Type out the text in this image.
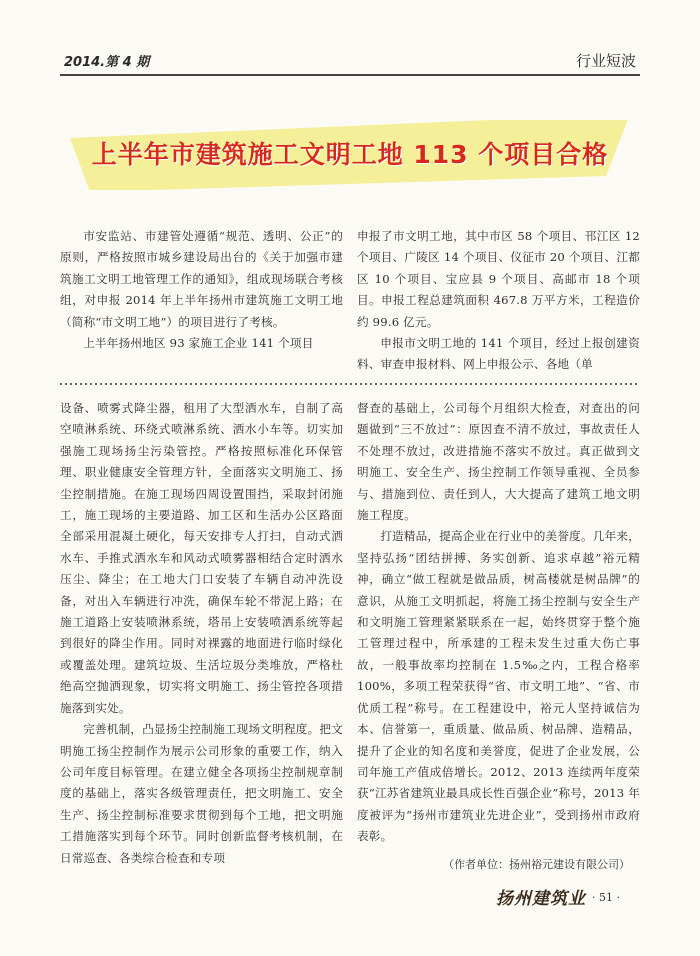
2014.第 4 期	行业短波
上半年市建筑施工文明工地 113 个项目合格

市安监站、市建管处遵循“规范、透明、公正”的原则，严格按照市城乡建设局出台的《关于加强市建筑施工文明工地管理工作的通知》，组成现场联合考核组，对申报 2014 年上半年扬州市建筑施工文明工地（简称“市文明工地”）的项目进行了考核。

上半年扬州地区 93 家施工企业 141 个项目

申报了市文明工地，其中市区 58 个项目、邗江区 12 个项目、广陵区 14 个项目、仪征市 20 个项目、江都区 10 个项目、宝应县 9 个项目、高邮市 18 个项目。申报工程总建筑面积 467.8 万平方米，工程造价约 99.6 亿元。

申报市文明工地的 141 个项目，经过上报创建资料、审查申报材料、网上申报公示、各地（单

设备、喷雾式降尘器，租用了大型洒水车，自制了高空喷淋系统、环绕式喷淋系统、洒水小车等。切实加强施工现场扬尘污染管控。严格按照标准化环保管理、职业健康安全管理方针，全面落实文明施工、扬尘控制措施。在施工现场四周设置围挡，采取封闭施工，施工现场的主要道路、加工区和生活办公区路面全部采用混凝土硬化，每天安排专人打扫，自动式洒水车、手推式洒水车和风动式喷雾器相结合定时洒水压尘、降尘；在工地大门口安装了车辆自动冲洗设备，对出入车辆进行冲洗，确保车轮不带泥上路；在施工道路上安装喷淋系统，塔吊上安装喷洒系统等起到很好的降尘作用。同时对裸露的地面进行临时绿化或覆盖处理。建筑垃圾、生活垃圾分类堆放，严格杜绝高空抛洒现象，切实将文明施工、扬尘管控各项措施落到实处。

完善机制，凸显扬尘控制施工现场文明程度。把文明施工扬尘控制作为展示公司形象的重要工作，纳入公司年度目标管理。在建立健全各项扬尘控制规章制度的基础上，落实各级管理责任，把文明施工、安全生产、扬尘控制标准要求贯彻到每个工地，把文明施工措施落实到每个环节。同时创新监督考核机制，在日常巡查、各类综合检查和专项

督查的基础上，公司每个月组织大检查，对查出的问题做到“三不放过”：原因查不清不放过，事故责任人不处理不放过，改进措施不落实不放过。真正做到文明施工、安全生产、扬尘控制工作领导重视、全员参与、措施到位、责任到人，大大提高了建筑工地文明施工程度。

打造精品，提高企业在行业中的美誉度。几年来，坚持弘扬“团结拼搏、务实创新、追求卓越”裕元精神，确立“做工程就是做品质，树高楼就是树品牌”的意识，从施工文明抓起，将施工扬尘控制与安全生产和文明施工管理紧紧联系在一起，始终贯穿于整个施工管理过程中，所承建的工程未发生过重大伤亡事故，一般事故率均控制在 1.5‰之内，工程合格率 100%，多项工程荣获得“省、市文明工地”、“省、市优质工程”称号。在工程建设中，裕元人坚持诚信为本、信誉第一，重质量、做品质、树品牌、造精品，提升了企业的知名度和美誉度，促进了企业发展，公司年施工产值成倍增长。2012、2013 连续两年度荣获“江苏省建筑业最具成长性百强企业”称号，2013 年度被评为“扬州市建筑业先进企业”，受到扬州市政府表彰。

（作者单位：扬州裕元建设有限公司）
扬州建筑业 · 51 ·
